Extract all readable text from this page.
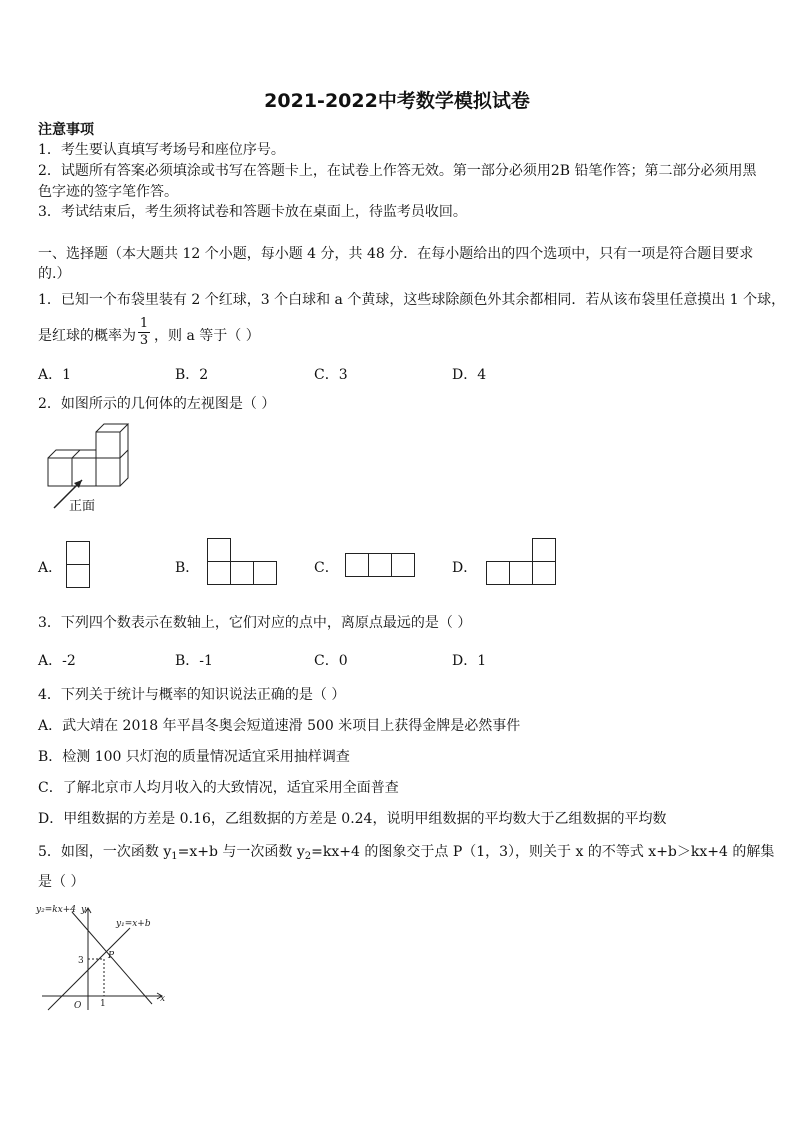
2021-2022中考数学模拟试卷
注意事项
1．考生要认真填写考场号和座位序号。
2．试题所有答案必须填涂或书写在答题卡上，在试卷上作答无效。第一部分必须用2B 铅笔作答；第二部分必须用黑
色字迹的签字笔作答。
3．考试结束后，考生须将试卷和答题卡放在桌面上，待监考员收回。
一、选择题（本大题共 12 个小题，每小题 4 分，共 48 分．在每小题给出的四个选项中，只有一项是符合题目要求
的.）
1．已知一个布袋里装有 2 个红球，3 个白球和 a 个黄球，这些球除颜色外其余都相同．若从该布袋里任意摸出 1 个球，
是红球的概率为
1
3 ，则 a 等于（ ）
A．1	B．2	C．3	D．4
2．如图所示的几何体的左视图是（ ）
正面
A．	B．	C．	D．
3．下列四个数表示在数轴上，它们对应的点中，离原点最远的是（ ）
A．-2	B．-1	C．0	D．1
4．下列关于统计与概率的知识说法正确的是（ ）
A．武大靖在 2018 年平昌冬奥会短道速滑 500 米项目上获得金牌是必然事件
B．检测 100 只灯泡的质量情况适宜采用抽样调查
C．了解北京市人均月收入的大致情况，适宜采用全面普查
D．甲组数据的方差是 0.16，乙组数据的方差是 0.24，说明甲组数据的平均数大于乙组数据的平均数
5．如图，一次函数 $y_1=x+b$ 与一次函数 $y_2=kx+4$ 的图象交于点 P（1，3），则关于 x 的不等式 x+b＞kx+4 的解集
是（ ）
y₂=kx+4 y
y₁=x+b
P
3
O 1	x
